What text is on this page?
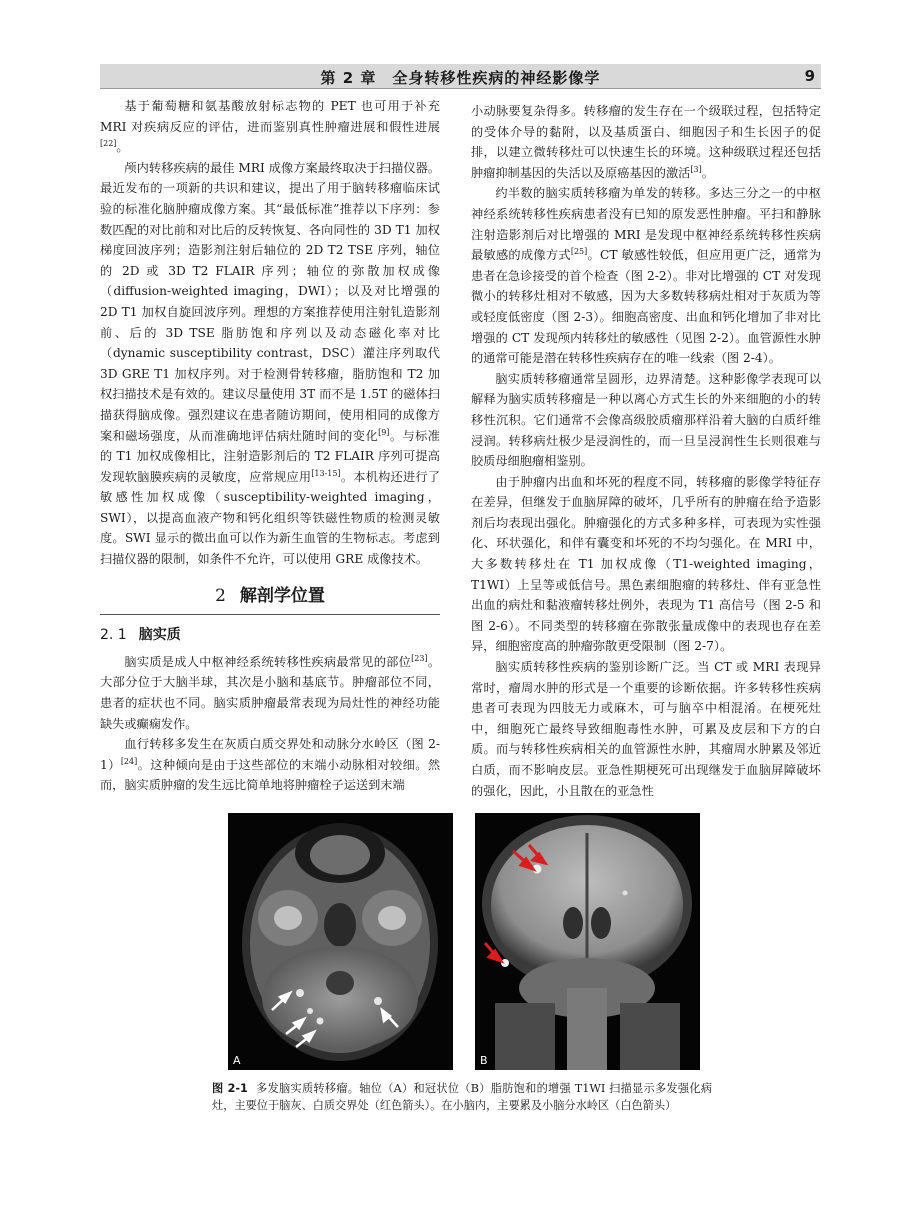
第 2 章　全身转移性疾病的神经影像学	9

基于葡萄糖和氨基酸放射标志物的 PET 也可用于补充 MRI 对疾病反应的评估，进而鉴别真性肿瘤进展和假性进展[22]。

颅内转移疾病的最佳 MRI 成像方案最终取决于扫描仪器。最近发布的一项新的共识和建议，提出了用于脑转移瘤临床试验的标准化脑肿瘤成像方案。其“最低标准”推荐以下序列：参数匹配的对比前和对比后的反转恢复、各向同性的 3D T1 加权梯度回波序列；造影剂注射后轴位的 2D T2 TSE 序列，轴位的 2D 或 3D T2 FLAIR 序列；轴位的弥散加权成像（diffusion-weighted imaging，DWI）；以及对比增强的 2D T1 加权自旋回波序列。理想的方案推荐使用注射钆造影剂前、后的 3D TSE 脂肪饱和序列以及动态磁化率对比（dynamic susceptibility contrast，DSC）灌注序列取代 3D GRE T1 加权序列。对于检测骨转移瘤，脂肪饱和 T2 加权扫描技术是有效的。建议尽量使用 3T 而不是 1.5T 的磁体扫描获得脑成像。强烈建议在患者随访期间，使用相同的成像方案和磁场强度，从而准确地评估病灶随时间的变化[9]。与标准的 T1 加权成像相比，注射造影剂后的 T2 FLAIR 序列可提高发现软脑膜疾病的灵敏度，应常规应用[13-15]。本机构还进行了敏感性加权成像（susceptibility-weighted imaging，SWI），以提高血液产物和钙化组织等铁磁性物质的检测灵敏度。SWI 显示的微出血可以作为新生血管的生物标志。考虑到扫描仪器的限制，如条件不允许，可以使用 GRE 成像技术。

2 解剖学位置
2. 1 脑实质

脑实质是成人中枢神经系统转移性疾病最常见的部位[23]。大部分位于大脑半球，其次是小脑和基底节。肿瘤部位不同，患者的症状也不同。脑实质肿瘤最常表现为局灶性的神经功能缺失或癫痫发作。

血行转移多发生在灰质白质交界处和动脉分水岭区（图 2-1）[24]。这种倾向是由于这些部位的末端小动脉相对较细。然而，脑实质肿瘤的发生远比简单地将肿瘤栓子运送到末端

小动脉要复杂得多。转移瘤的发生存在一个级联过程，包括特定的受体介导的黏附，以及基质蛋白、细胞因子和生长因子的促排，以建立微转移灶可以快速生长的环境。这种级联过程还包括肿瘤抑制基因的失活以及原癌基因的激活[3]。

约半数的脑实质转移瘤为单发的转移。多达三分之一的中枢神经系统转移性疾病患者没有已知的原发恶性肿瘤。平扫和静脉注射造影剂后对比增强的 MRI 是发现中枢神经系统转移性疾病最敏感的成像方式[25]。CT 敏感性较低，但应用更广泛，通常为患者在急诊接受的首个检查（图 2-2）。非对比增强的 CT 对发现微小的转移灶相对不敏感，因为大多数转移病灶相对于灰质为等或轻度低密度（图 2-3）。细胞高密度、出血和钙化增加了非对比增强的 CT 发现颅内转移灶的敏感性（见图 2-2）。血管源性水肿的通常可能是潜在转移性疾病存在的唯一线索（图 2-4）。

脑实质转移瘤通常呈圆形，边界清楚。这种影像学表现可以解释为脑实质转移瘤是一种以离心方式生长的外来细胞的小的转移性沉积。它们通常不会像高级胶质瘤那样沿着大脑的白质纤维浸润。转移病灶极少是浸润性的，而一旦呈浸润性生长则很难与胶质母细胞瘤相鉴别。

由于肿瘤内出血和坏死的程度不同，转移瘤的影像学特征存在差异，但继发于血脑屏障的破坏，几乎所有的肿瘤在给予造影剂后均表现出强化。肿瘤强化的方式多种多样，可表现为实性强化、环状强化，和伴有囊变和坏死的不均匀强化。在 MRI 中，大多数转移灶在 T1 加权成像（T1-weighted imaging，T1WI）上呈等或低信号。黑色素细胞瘤的转移灶、伴有亚急性出血的病灶和黏液瘤转移灶例外，表现为 T1 高信号（图 2-5 和图 2-6）。不同类型的转移瘤在弥散张量成像中的表现也存在差异，细胞密度高的肿瘤弥散更受限制（图 2-7）。

脑实质转移性疾病的鉴别诊断广泛。当 CT 或 MRI 表现异常时，瘤周水肿的形式是一个重要的诊断依据。许多转移性疾病患者可表现为四肢无力或麻木，可与脑卒中相混淆。在梗死灶中，细胞死亡最终导致细胞毒性水肿，可累及皮层和下方的白质。而与转移性疾病相关的血管源性水肿，其瘤周水肿累及邻近白质，而不影响皮层。亚急性期梗死可出现继发于血脑屏障破坏的强化，因此，小且散在的亚急性

A	B
图 2-1 多发脑实质转移瘤。轴位（A）和冠状位（B）脂肪饱和的增强 T1WI 扫描显示多发强化病灶，主要位于脑灰、白质交界处（红色箭头）。在小脑内，主要累及小脑分水岭区（白色箭头）
